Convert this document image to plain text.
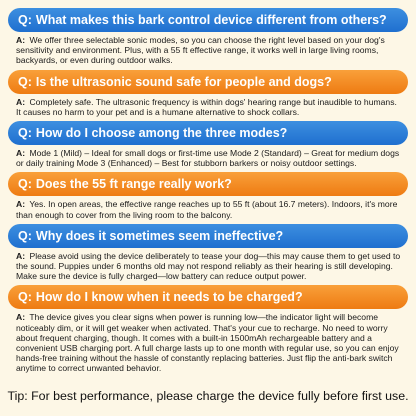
Q: What makes this bark control device different from others?
A: We offer three selectable sonic modes, so you can choose the right level based on your dog's sensitivity and environment. Plus, with a 55 ft effective range, it works well in large living rooms, backyards, or even during outdoor walks.
Q: Is the ultrasonic sound safe for people and dogs?
A: Completely safe. The ultrasonic frequency is within dogs' hearing range but inaudible to humans. It causes no harm to your pet and is a humane alternative to shock collars.
Q: How do I choose among the three modes?
A: Mode 1 (Mild) – Ideal for small dogs or first-time use Mode 2 (Standard) – Great for medium dogs or daily training Mode 3 (Enhanced) – Best for stubborn barkers or noisy outdoor settings.
Q: Does the 55 ft range really work?
A: Yes. In open areas, the effective range reaches up to 55 ft (about 16.7 meters). Indoors, it's more than enough to cover from the living room to the balcony.
Q: Why does it sometimes seem ineffective?
A: Please avoid using the device deliberately to tease your dog—this may cause them to get used to the sound. Puppies under 6 months old may not respond reliably as their hearing is still developing. Make sure the device is fully charged—low battery can reduce output power.
Q: How do I know when it needs to be charged?
A: The device gives you clear signs when power is running low—the indicator light will become noticeably dim, or it will get weaker when activated. That's your cue to recharge. No need to worry about frequent charging, though. It comes with a built-in 1500mAh rechargeable battery and a convenient USB charging port. A full charge lasts up to one month with regular use, so you can enjoy hands-free training without the hassle of constantly replacing batteries. Just flip the anti-bark switch anytime to correct unwanted behavior.
Tip: For best performance, please charge the device fully before first use.
